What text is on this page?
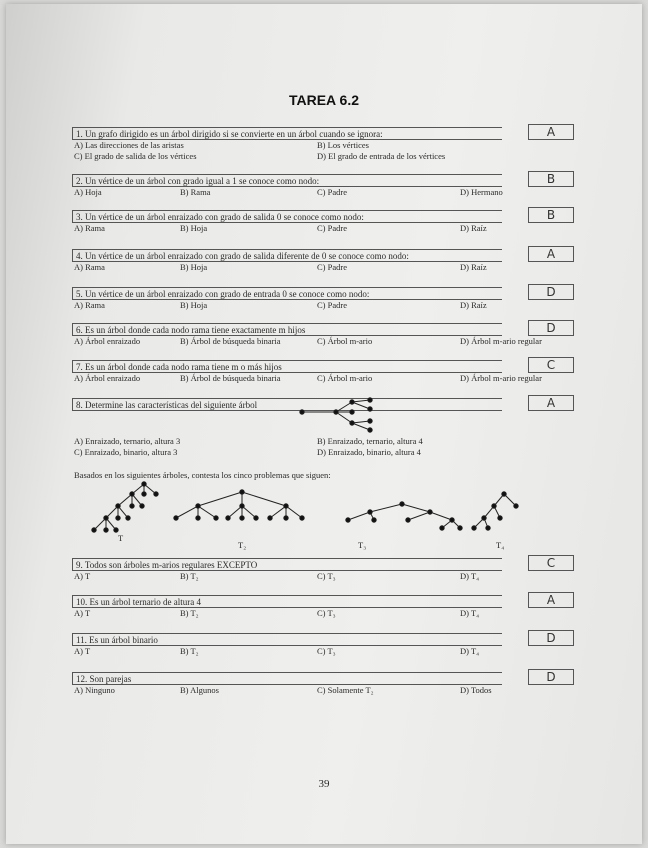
TAREA 6.2
1. Un grafo dirigido es un árbol dirigido si se convierte en un árbol cuando se ignora:	A
A) Las direcciones de las aristas	B) Los vértices
C) El grado de salida de los vértices	D) El grado de entrada de los vértices
2. Un vértice de un árbol con grado igual a 1 se conoce como nodo:	B
A) Hoja	B) Rama	C) Padre	D) Hermano
3. Un vértice de un árbol enraizado con grado de salida 0 se conoce como nodo:	B
A) Rama	B) Hoja	C) Padre	D) Raíz
4. Un vértice de un árbol enraizado con grado de salida diferente de 0 se conoce como nodo:	A
A) Rama	B) Hoja	C) Padre	D) Raíz
5. Un vértice de un árbol enraizado con grado de entrada 0 se conoce como nodo:	D
A) Rama	B) Hoja	C) Padre	D) Raíz
6. Es un árbol donde cada nodo rama tiene exactamente m hijos	D
A) Árbol enraizado	B) Árbol de búsqueda binaria	C) Árbol m-ario	D) Árbol m-ario regular
7. Es un árbol donde cada nodo rama tiene m o más hijos	C
A) Árbol enraizado	B) Árbol de búsqueda binaria	C) Árbol m-ario	D) Árbol m-ario regular
8. Determine las características del siguiente árbol	A
A) Enraizado, ternario, altura 3	B) Enraizado, ternario, altura 4
C) Enraizado, binario, altura 3	D) Enraizado, binario, altura 4
Basados en los siguientes árboles, contesta los cinco problemas que siguen:
T
T₂	T₃	T₄
9. Todos son árboles m-arios regulares EXCEPTO	C
A) T	B) T₂	C) T₃	D) T₄
10. Es un árbol ternario de altura 4	A
A) T	B) T₂	C) T₃	D) T₄
11. Es un árbol binario	D
A) T	B) T₂	C) T₃	D) T₄
12. Son parejas	D
A) Ninguno	B) Algunos	C) Solamente T₂	D) Todos
39
